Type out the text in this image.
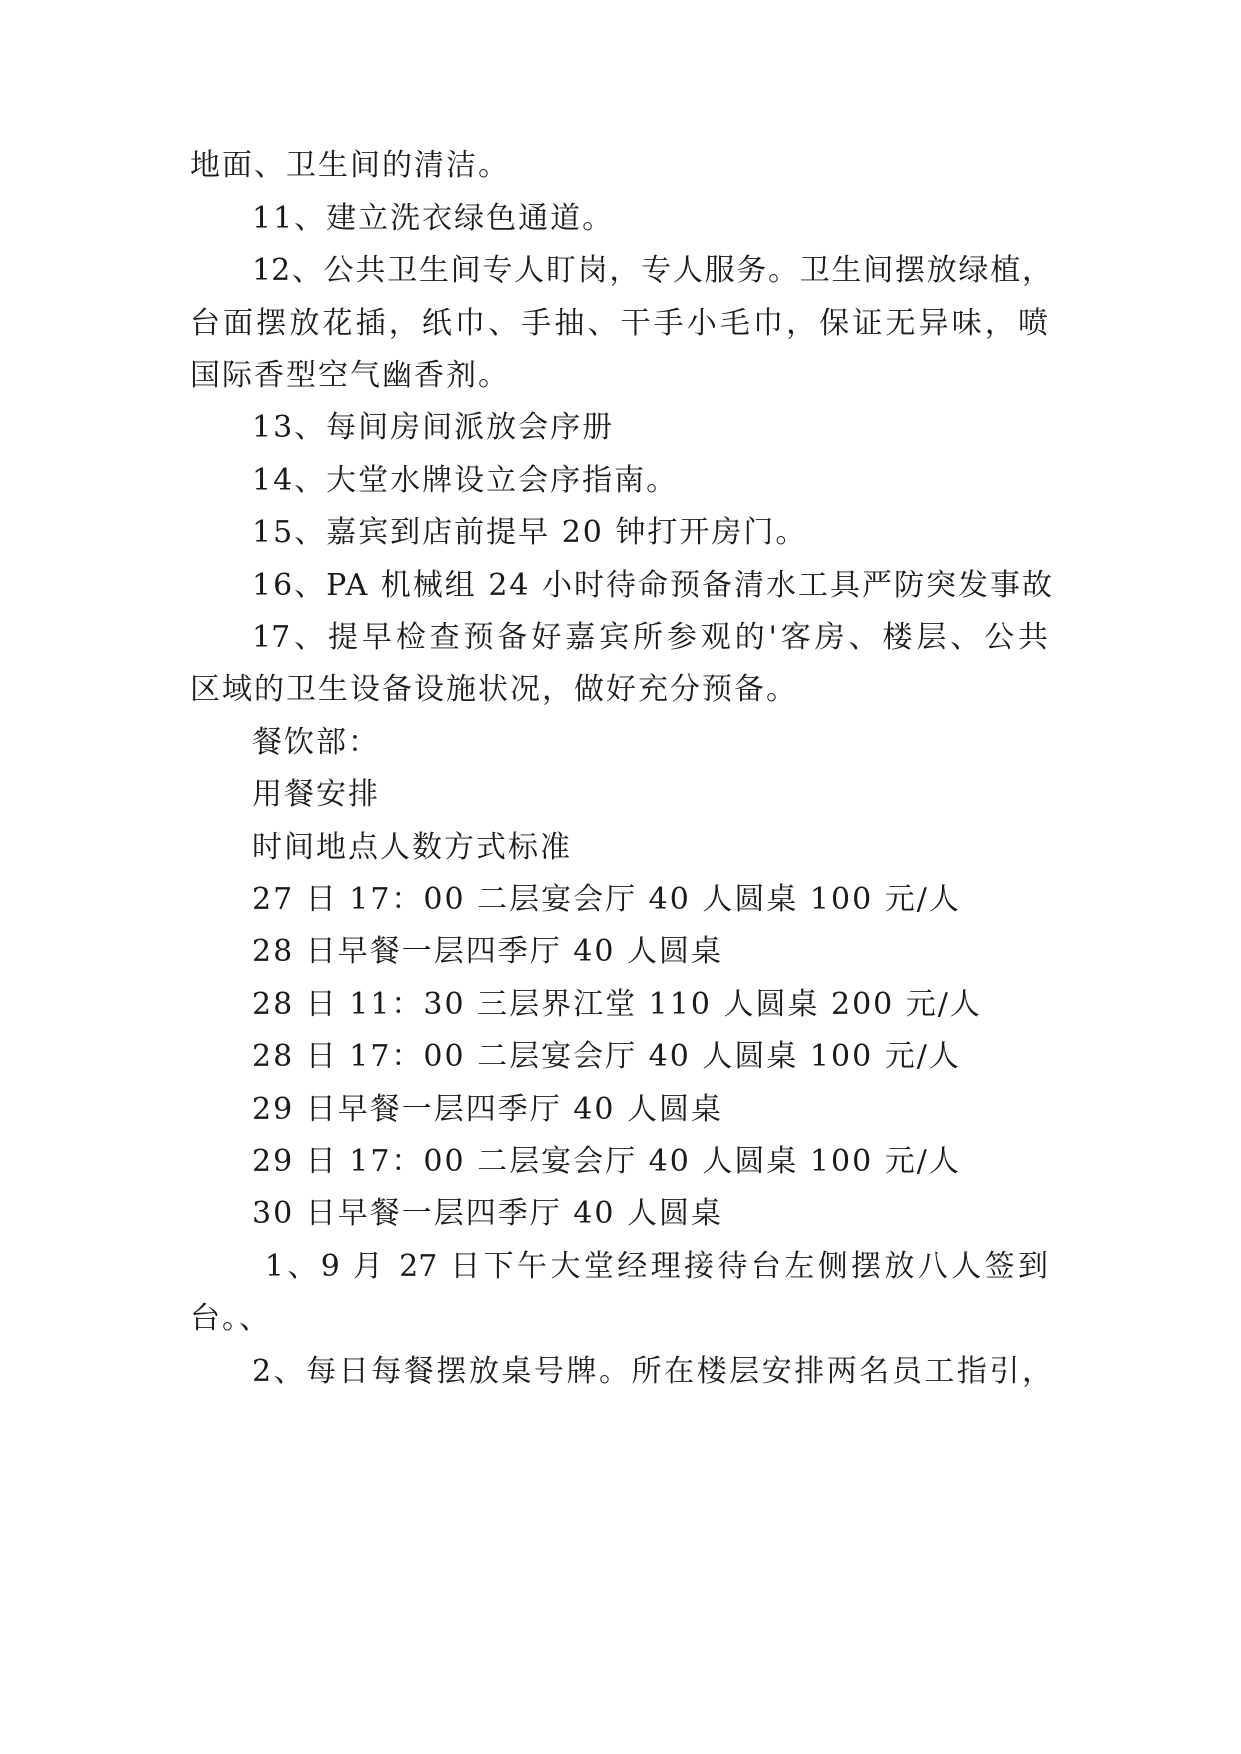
地面、卫生间的清洁。
11、建立洗衣绿色通道。
12、公共卫生间专人盯岗，专人服务。卫生间摆放绿植，
台面摆放花插，纸巾、手抽、干手小毛巾，保证无异味，喷
国际香型空气幽香剂。
13、每间房间派放会序册
14、大堂水牌设立会序指南。
15、嘉宾到店前提早 20 钟打开房门。
16、PA 机械组 24 小时待命预备清水工具严防突发事故
17、提早检查预备好嘉宾所参观的'客房、楼层、公共
区域的卫生设备设施状况，做好充分预备。
餐饮部：
用餐安排
时间地点人数方式标准
27 日 17：00 二层宴会厅 40 人圆桌 100 元/人
28 日早餐一层四季厅 40 人圆桌
28 日 11：30 三层界江堂 110 人圆桌 200 元/人
28 日 17：00 二层宴会厅 40 人圆桌 100 元/人
29 日早餐一层四季厅 40 人圆桌
29 日 17：00 二层宴会厅 40 人圆桌 100 元/人
30 日早餐一层四季厅 40 人圆桌
1、9 月 27 日下午大堂经理接待台左侧摆放八人签到
台。、
2、每日每餐摆放桌号牌。所在楼层安排两名员工指引，
